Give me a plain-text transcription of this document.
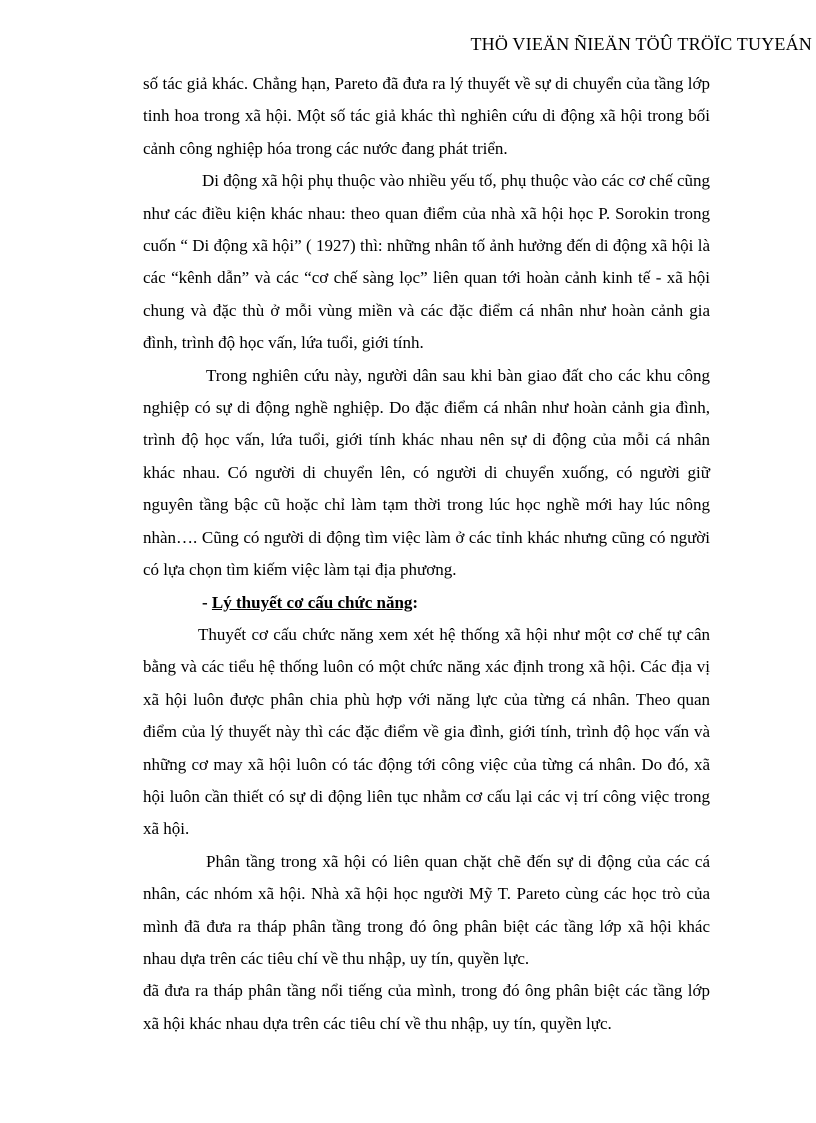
THÖ VIEÄN ÑIEÄN TÖÛ TRÖÏC TUYEÁN

số tác giả khác. Chẳng hạn, Pareto đã đưa ra lý thuyết về sự di chuyển của tầng lớp tinh hoa trong xã hội. Một số tác giả khác thì nghiên cứu di động xã hội trong bối cảnh công nghiệp hóa trong các nước đang phát triển.

Di động xã hội phụ thuộc vào nhiều yếu tố, phụ thuộc vào các cơ chế cũng như các điều kiện khác nhau: theo quan điểm của nhà xã hội học P. Sorokin trong cuốn “ Di động xã hội” ( 1927) thì: những nhân tố ảnh hưởng đến di động xã hội là các “kênh dẫn” và các “cơ chế sàng lọc” liên quan tới hoàn cảnh kinh tế - xã hội chung và đặc thù ở mỗi vùng miền và các đặc điểm cá nhân như hoàn cảnh gia đình, trình độ học vấn, lứa tuổi, giới tính.

Trong nghiên cứu này, người dân sau khi bàn giao đất cho các khu công nghiệp có sự di động nghề nghiệp. Do đặc điểm cá nhân như hoàn cảnh gia đình, trình độ học vấn, lứa tuổi, giới tính khác nhau nên sự di động của mỗi cá nhân khác nhau. Có người di chuyển lên, có người di chuyển xuống, có người giữ nguyên tầng bậc cũ hoặc chỉ làm tạm thời trong lúc học nghề mới hay lúc nông nhàn…. Cũng có người di động tìm việc làm ở các tỉnh khác nhưng cũng có người có lựa chọn tìm kiếm việc làm tại địa phương.

- Lý thuyết cơ cấu chức năng:

Thuyết cơ cấu chức năng xem xét hệ thống xã hội như một cơ chế tự cân bằng và các tiểu hệ thống luôn có một chức năng xác định trong xã hội. Các địa vị xã hội luôn được phân chia phù hợp với năng lực của từng cá nhân. Theo quan điểm của lý thuyết này thì các đặc điểm về gia đình, giới tính, trình độ học vấn và những cơ may xã hội luôn có tác động tới công việc của từng cá nhân. Do đó, xã hội luôn cần thiết có sự di động liên tục nhằm cơ cấu lại các vị trí công việc trong xã hội.

Phân tầng trong xã hội có liên quan chặt chẽ đến sự di động của các cá nhân, các nhóm xã hội. Nhà xã hội học người Mỹ T. Pareto cùng các học trò của mình đã đưa ra tháp phân tầng trong đó ông phân biệt các tầng lớp xã hội khác nhau dựa trên các tiêu chí về thu nhập, uy tín, quyền lực.

đã đưa ra tháp phân tầng nổi tiếng của mình, trong đó ông phân biệt các tầng lớp xã hội khác nhau dựa trên các tiêu chí về thu nhập, uy tín, quyền lực.
